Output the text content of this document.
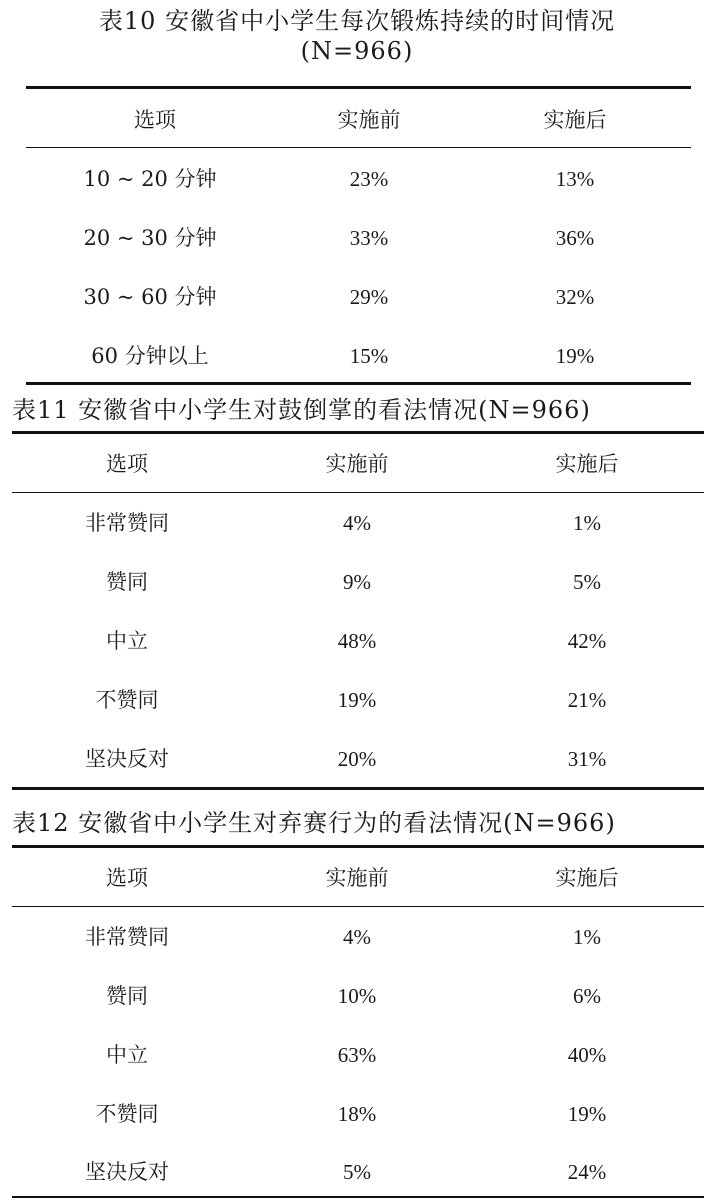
表10 安徽省中小学生每次锻炼持续的时间情况
(N=966)
选项	实施前	实施后
10 ~ 20 分钟	23%	13%
20 ~ 30 分钟	33%	36%
30 ~ 60 分钟	29%	32%
60 分钟以上	15%	19%
表11 安徽省中小学生对鼓倒掌的看法情况(N=966)
选项	实施前	实施后
非常赞同	4%	1%
赞同	9%	5%
中立	48%	42%
不赞同	19%	21%
坚决反对	20%	31%
表12 安徽省中小学生对弃赛行为的看法情况(N=966)
选项	实施前	实施后
非常赞同	4%	1%
赞同	10%	6%
中立	63%	40%
不赞同	18%	19%
坚决反对	5%	24%
